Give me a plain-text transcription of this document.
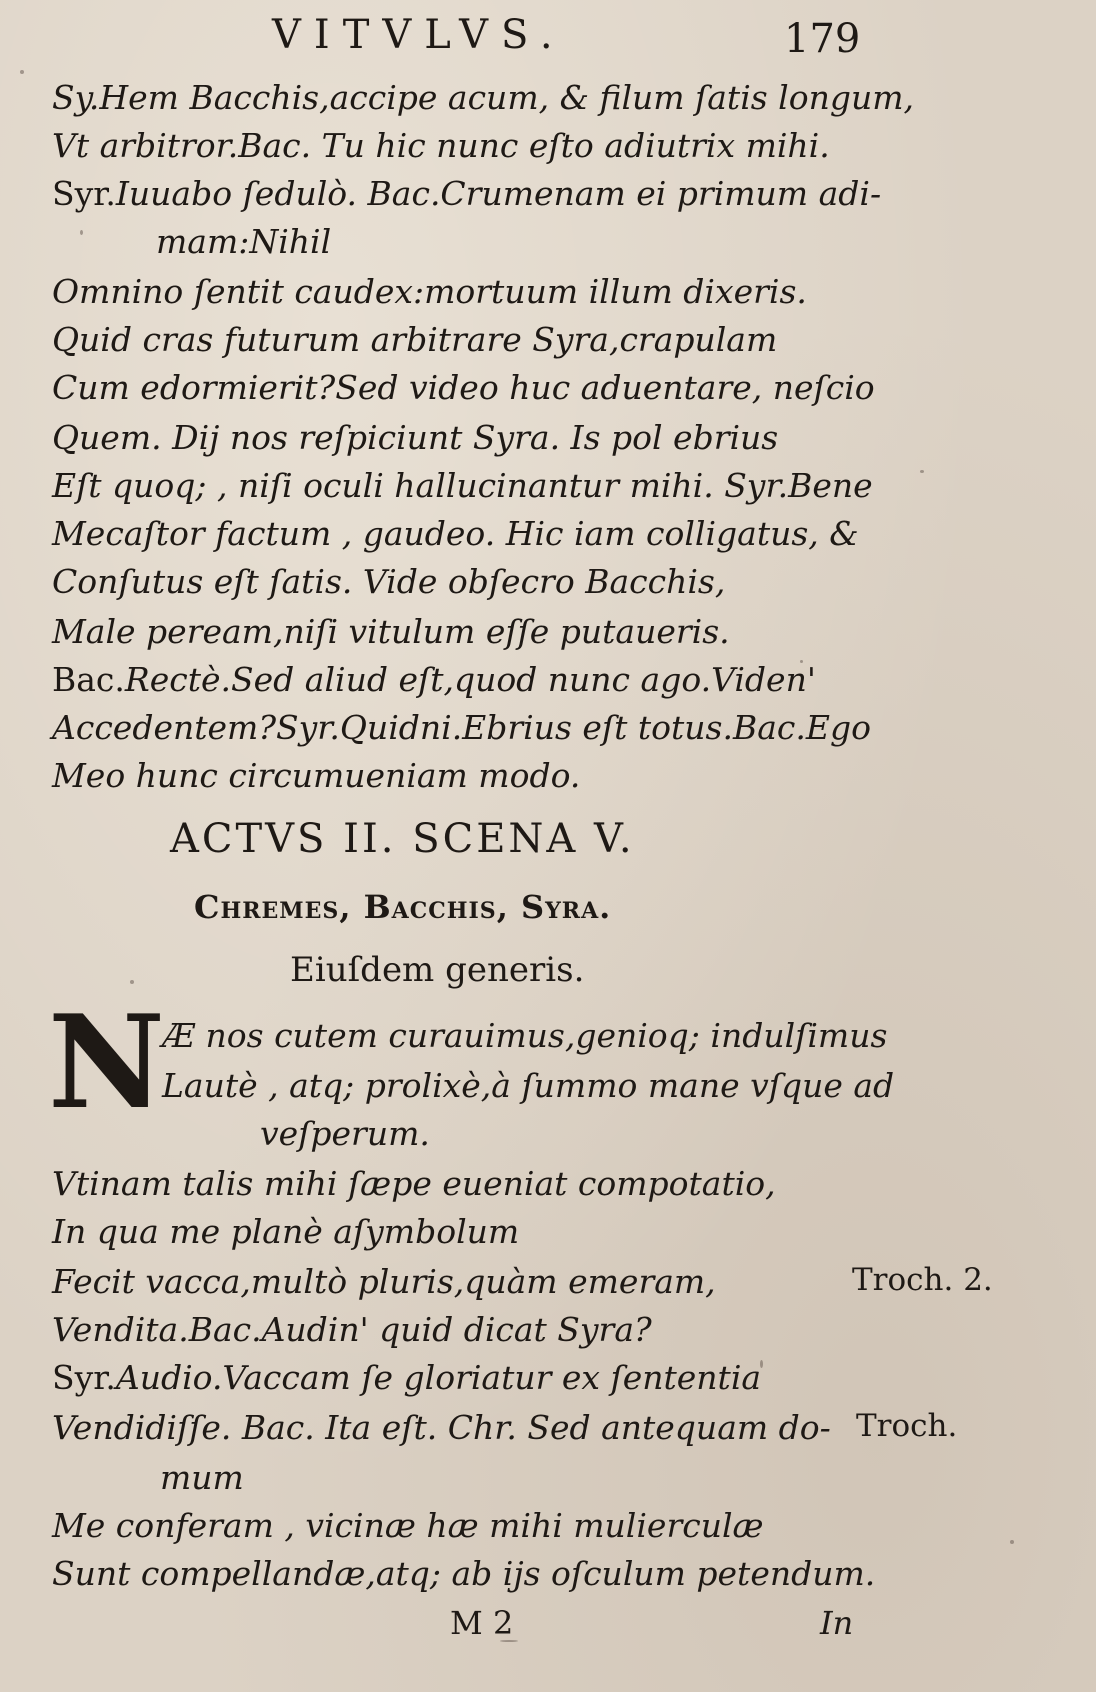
VITVLVS.	179
Sy.Hem Bacchis,accipe acum, & filum ſatis longum,
Vt arbitror.Bac. Tu hic nunc eſto adiutrix mihi.
Syr.Iuuabo ſedulò. Bac.Crumenam ei primum adi-
mam:Nihil
Omnino ſentit caudex:mortuum illum dixeris.
Quid cras futurum arbitrare Syra,crapulam
Cum edormierit?Sed video huc aduentare, neſcio
Quem. Dij nos reſpiciunt Syra. Is pol ebrius
Eſt quoq; , niſi oculi hallucinantur mihi. Syr.Bene
Mecaſtor factum , gaudeo. Hic iam colligatus, &
Conſutus eſt ſatis. Vide obſecro Bacchis,
Male peream,niſi vitulum eſſe putaueris.
Bac.Rectè.Sed aliud eſt,quod nunc ago.Viden'
Accedentem?Syr.Quidni.Ebrius eſt totus.Bac.Ego
Meo hunc circumueniam modo.
ACTVS II. SCENA V.
Chremes, Bacchis, Syra.
Eiuſdem generis.
N
Æ nos cutem curauimus,genioq; indulſimus
Lautè , atq; prolixè,à ſummo mane vſque ad
veſperum.
Vtinam talis mihi ſæpe eueniat compotatio,
In qua me planè aſymbolum
Fecit vacca,multò pluris,quàm emeram,
Vendita.Bac.Audin' quid dicat Syra?
Syr.Audio.Vaccam ſe gloriatur ex ſententia
Vendidiſſe. Bac. Ita eſt. Chr. Sed antequam do-
mum
Me conferam , vicinæ hæ mihi mulierculæ
Sunt compellandæ,atq; ab ijs oſculum petendum.
Troch. 2.
Troch.
M 2	In
